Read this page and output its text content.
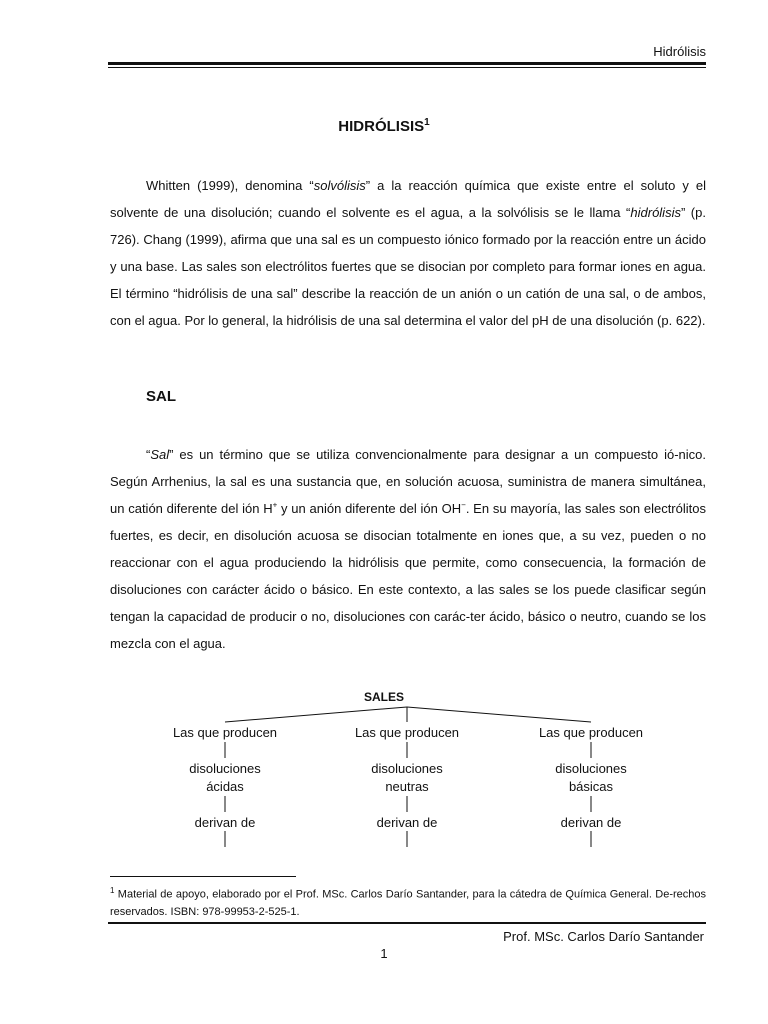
Hidrólisis
HIDRÓLISIS$^1$

Whitten (1999), denomina “solvólisis” a la reacción química que existe entre el soluto y el solvente de una disolución; cuando el solvente es el agua, a la solvólisis se le llama “hidrólisis” (p. 726). Chang (1999), afirma que una sal es un compuesto iónico formado por la reacción entre un ácido y una base. Las sales son electrólitos fuertes que se disocian por completo para formar iones en agua. El término “hidrólisis de una sal” describe la reacción de un anión o un catión de una sal, o de ambos, con el agua. Por lo general, la hidrólisis de una sal determina el valor del pH de una disolución (p. 622).

SAL

“Sal” es un término que se utiliza convencionalmente para designar a un compuesto ió-nico. Según Arrhenius, la sal es una sustancia que, en solución acuosa, suministra de manera simultánea, un catión diferente del ión H+ y un anión diferente del ión OH−. En su mayoría, las sales son electrólitos fuertes, es decir, en disolución acuosa se disocian totalmente en iones que, a su vez, pueden o no reaccionar con el agua produciendo la hidrólisis que permite, como consecuencia, la formación de disoluciones con carácter ácido o básico. En este contexto, a las sales se los puede clasificar según tengan la capacidad de producir o no, disoluciones con carác-ter ácido, básico o neutro, cuando se los mezcla con el agua.

SALES
Las que producen
disoluciones
ácidas
derivan de
Las que producen
disoluciones
neutras
derivan de
Las que producen
disoluciones
básicas
derivan de

$^1$ Material de apoyo, elaborado por el Prof. MSc. Carlos Darío Santander, para la cátedra de Química General. De-rechos reservados. ISBN: 978-99953-2-525-1.

Prof. MSc. Carlos Darío Santander
1
